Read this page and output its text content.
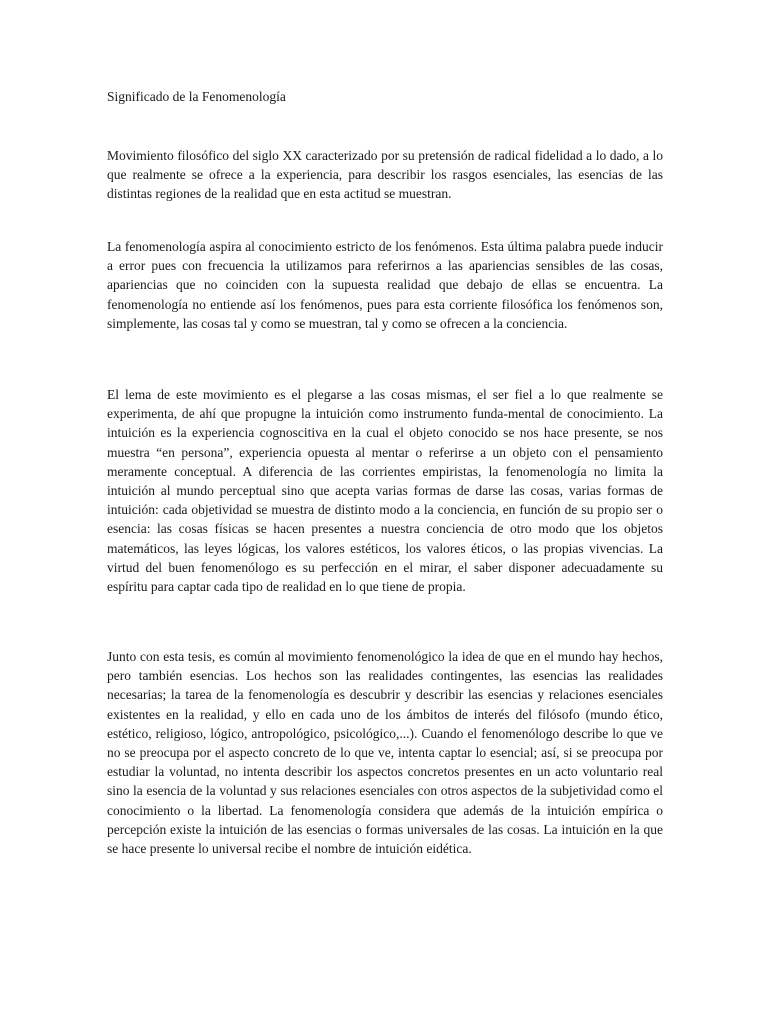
Significado de la Fenomenología

Movimiento filosófico del siglo XX caracterizado por su pretensión de radical fidelidad a lo dado, a lo que realmente se ofrece a la experiencia, para describir los rasgos esenciales, las esencias de las distintas regiones de la realidad que en esta actitud se muestran.

La fenomenología aspira al conocimiento estricto de los fenómenos. Esta última palabra puede inducir a error pues con frecuencia la utilizamos para referirnos a las apariencias sensibles de las cosas, apariencias que no coinciden con la supuesta realidad que debajo de ellas se encuentra. La fenomenología no entiende así los fenómenos, pues para esta corriente filosófica los fenómenos son, simplemente, las cosas tal y como se muestran, tal y como se ofrecen a la conciencia.

El lema de este movimiento es el plegarse a las cosas mismas, el ser fiel a lo que realmente se experimenta, de ahí que propugne la intuición como instrumento funda-mental de conocimiento. La intuición es la experiencia cognoscitiva en la cual el objeto conocido se nos hace presente, se nos muestra “en persona”, experiencia opuesta al mentar o referirse a un objeto con el pensamiento meramente conceptual. A diferencia de las corrientes empiristas, la fenomenología no limita la intuición al mundo perceptual sino que acepta varias formas de darse las cosas, varias formas de intuición: cada objetividad se muestra de distinto modo a la conciencia, en función de su propio ser o esencia: las cosas físicas se hacen presentes a nuestra conciencia de otro modo que los objetos matemáticos, las leyes lógicas, los valores estéticos, los valores éticos, o las propias vivencias. La virtud del buen fenomenólogo es su perfección en el mirar, el saber disponer adecuadamente su espíritu para captar cada tipo de realidad en lo que tiene de propia.

Junto con esta tesis, es común al movimiento fenomenológico la idea de que en el mundo hay hechos, pero también esencias. Los hechos son las realidades contingentes, las esencias las realidades necesarias; la tarea de la fenomenología es descubrir y describir las esencias y relaciones esenciales existentes en la realidad, y ello en cada uno de los ámbitos de interés del filósofo (mundo ético, estético, religioso, lógico, antropológico, psicológico,...). Cuando el fenomenólogo describe lo que ve no se preocupa por el aspecto concreto de lo que ve, intenta captar lo esencial; así, si se preocupa por estudiar la voluntad, no intenta describir los aspectos concretos presentes en un acto voluntario real sino la esencia de la voluntad y sus relaciones esenciales con otros aspectos de la subjetividad como el conocimiento o la libertad. La fenomenología considera que además de la intuición empírica o percepción existe la intuición de las esencias o formas universales de las cosas. La intuición en la que se hace presente lo universal recibe el nombre de intuición eidética.
